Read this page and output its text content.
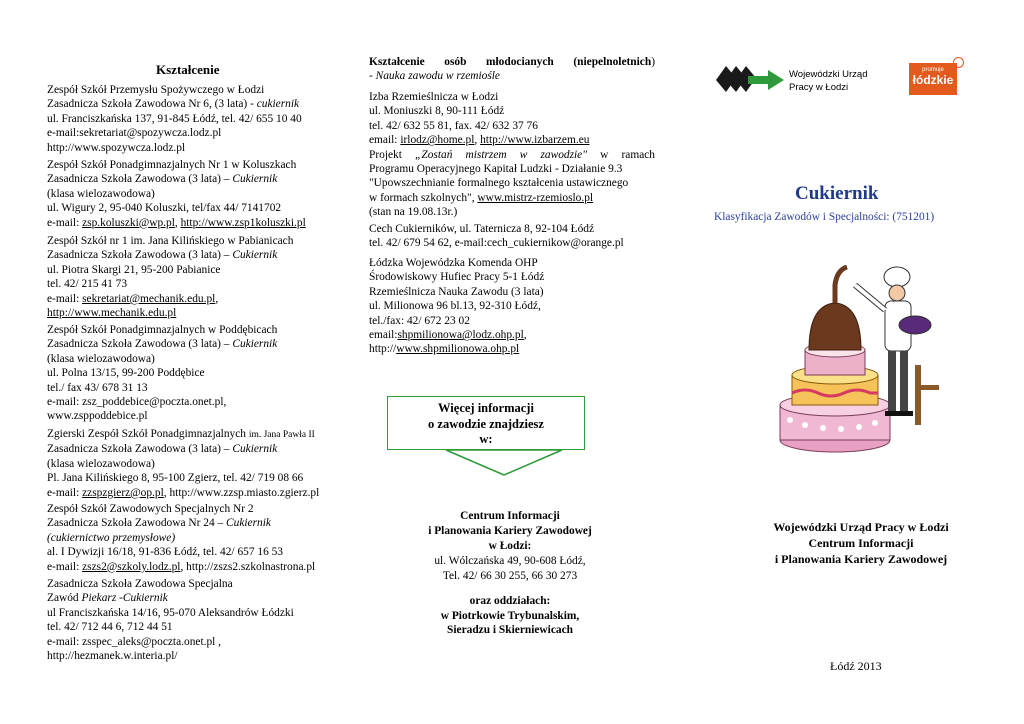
Kształcenie
Zespół Szkół Przemysłu Spożywczego w Łodzi
Zasadnicza Szkoła Zawodowa Nr 6, (3 lata) - cukiernik
ul. Franciszkańska 137, 91-845 Łódź, tel. 42/ 655 10 40
e-mail:sekretariat@spozywcza.lodz.pl
http://www.spozywcza.lodz.pl
Zespół Szkół Ponadgimnazjalnych Nr 1 w Koluszkach
Zasadnicza Szkoła Zawodowa (3 lata) – Cukiernik
(klasa wielozawodowa)
ul. Wigury 2, 95-040 Koluszki, tel/fax 44/ 7141702
e-mail: zsp.koluszki@wp.pl, http://www.zsp1koluszki.pl
Zespół Szkół nr 1 im. Jana Kilińskiego w Pabianicach
Zasadnicza Szkoła Zawodowa (3 lata) – Cukiernik
ul. Piotra Skargi 21, 95-200 Pabianice
tel. 42/ 215 41 73
e-mail: sekretariat@mechanik.edu.pl,
http://www.mechanik.edu.pl
Zespół Szkół Ponadgimnazjalnych w Poddębicach
Zasadnicza Szkoła Zawodowa (3 lata) – Cukiernik
(klasa wielozawodowa)
ul. Polna 13/15, 99-200 Poddębice
tel./ fax 43/ 678 31 13
e-mail: zsz_poddebice@poczta.onet.pl,
www.zsppoddebice.pl
Zgierski Zespół Szkół Ponadgimnazjalnych im. Jana Pawła II
Zasadnicza Szkoła Zawodowa (3 lata) – Cukiernik
(klasa wielozawodowa)
Pl. Jana Kilińskiego 8, 95-100 Zgierz, tel. 42/ 719 08 66
e-mail: zzspzgierz@op.pl, http://www.zzsp.miasto.zgierz.pl
Zespół Szkół Zawodowych Specjalnych Nr 2
Zasadnicza Szkoła Zawodowa Nr 24 – Cukiernik
(cukiernictwo przemysłowe)
al. I Dywizji 16/18, 91-836 Łódź, tel. 42/ 657 16 53
e-mail: zszs2@szkoly.lodz.pl, http://zszs2.szkolnastrona.pl
Zasadnicza Szkoła Zawodowa Specjalna
Zawód Piekarz -Cukiernik
ul Franciszkańska 14/16, 95-070 Aleksandrów Łódzki
tel. 42/ 712 44 6, 712 44 51
e-mail: zsspec_aleks@poczta.onet.pl ,
http://hezmanek.w.interia.pl/
Kształcenie osób młodocianych (niepelnoletnich)
- Nauka zawodu w rzemiośle
Izba Rzemieślnicza w Łodzi
ul. Moniuszki 8, 90-111 Łódź
tel. 42/ 632 55 81, fax. 42/ 632 37 76
email: irlodz@home.pl, http://www.izbarzem.eu
Projekt „Zostań mistrzem w zawodzie" w ramach
Programu Operacyjnego Kapitał Ludzki - Działanie 9.3
"Upowszechnianie formalnego kształcenia ustawicznego
w formach szkolnych", www.mistrz-rzemioslo.pl
(stan na 19.08.13r.)
Cech Cukierników, ul. Taternicza 8, 92-104 Łódź
tel. 42/ 679 54 62, e-mail:cech_cukiernikow@orange.pl
Łódzka Wojewódzka Komenda OHP
Środowiskowy Hufiec Pracy 5-1 Łódź
Rzemieślnicza Nauka Zawodu (3 lata)
ul. Milionowa 96 bl.13, 92-310 Łódź,
tel./fax: 42/ 672 23 02
email:shpmilionowa@lodz.ohp.pl,
http://www.shpmilionowa.ohp.pl
Więcej informacji
o zawodzie znajdziesz
w:
Centrum Informacji
i Planowania Kariery Zawodowej
w Łodzi:
ul. Wólczańska 49, 90-608 Łódź,
Tel. 42/ 66 30 255, 66 30 273
oraz oddziałach:
w Piotrkowie Trybunalskim,
Sieradzu i Skierniewicach
Wojewódzki Urząd
Pracy w Łodzi
promuje
łódzkie
Cukiernik
Klasyfikacja Zawodów i Specjalności: (751201)
Wojewódzki Urząd Pracy w Łodzi
Centrum Informacji
i Planowania Kariery Zawodowej
Łódź 2013
